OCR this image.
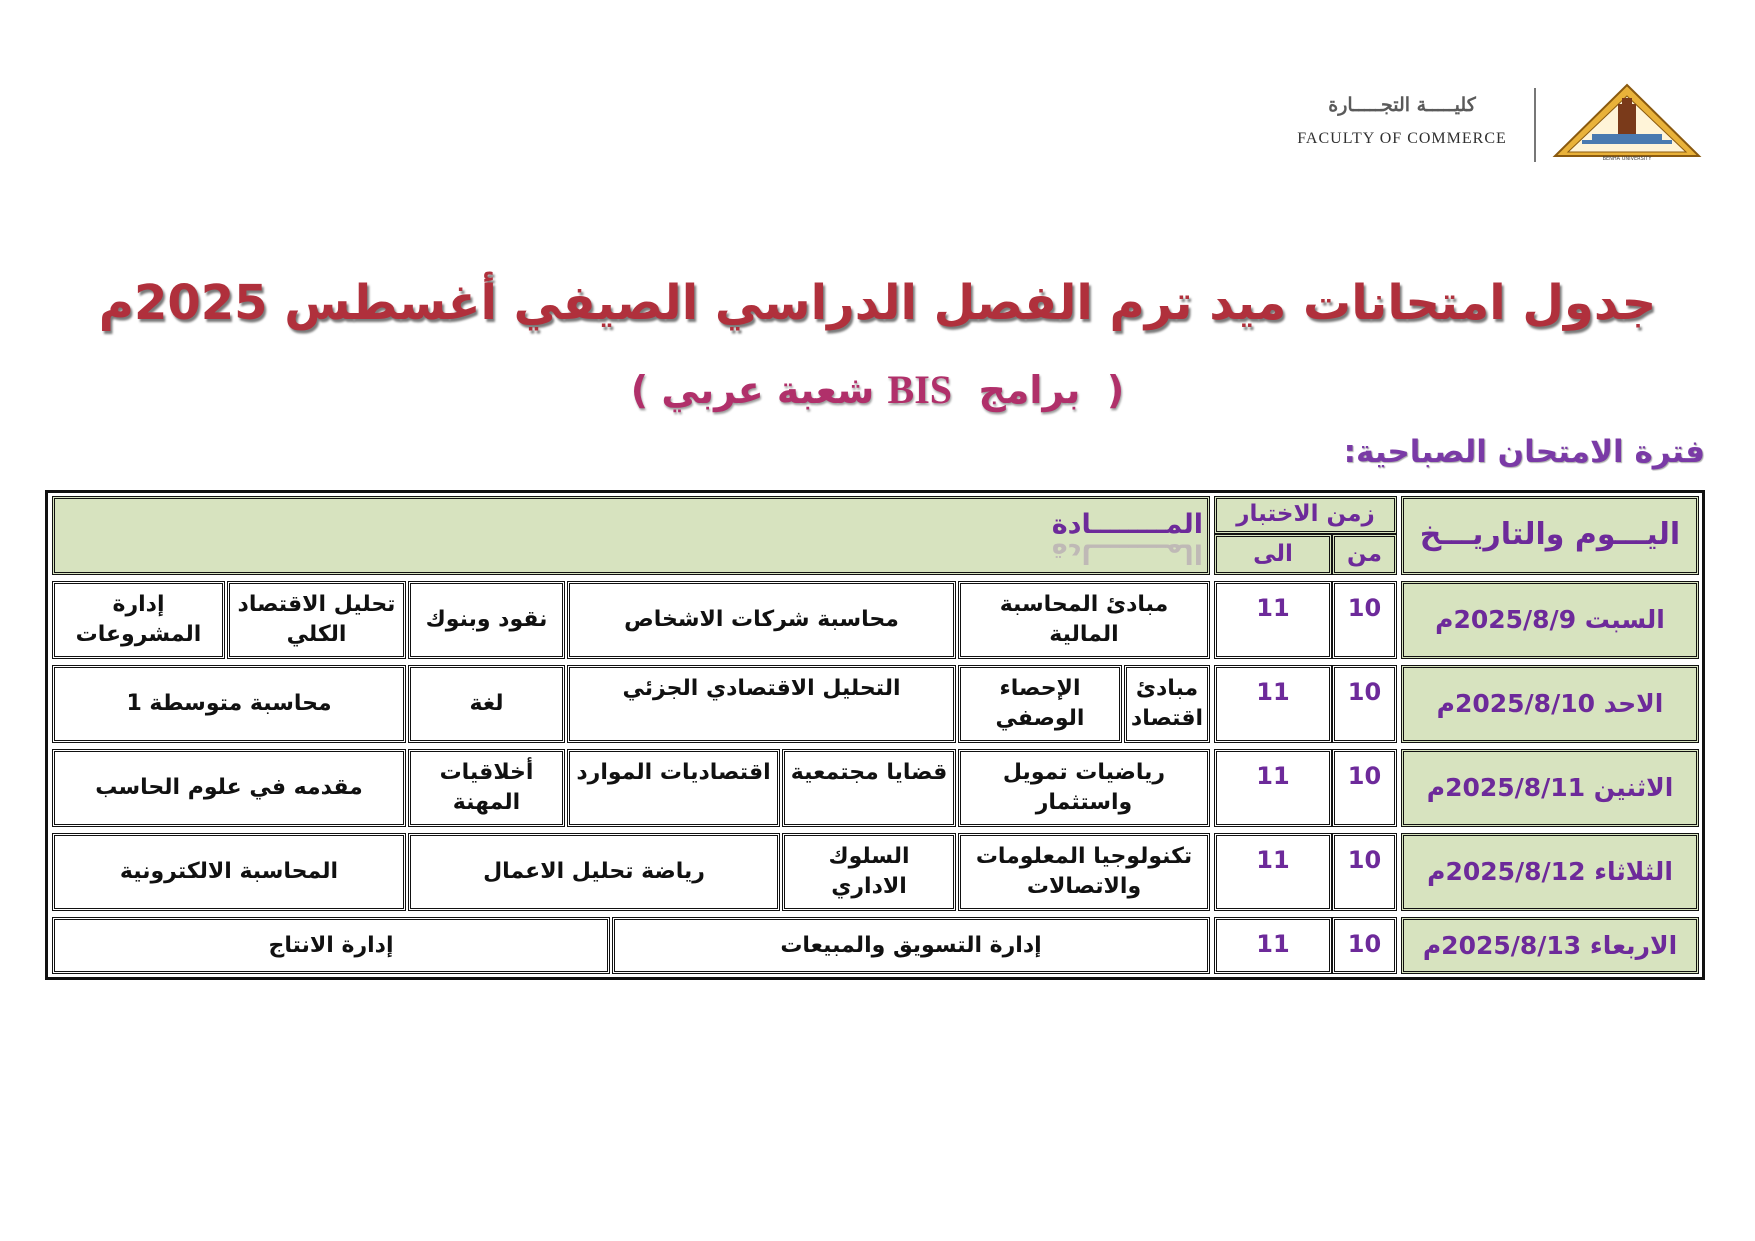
BENHA UNIVERSITY
كليـــــة التجـــــارة
FACULTY OF COMMERCE
جدول امتحانات ميد ترم الفصل الدراسي الصيفي أغسطس 2025م
(  برامج  BIS شعبة عربي )
فترة الامتحان الصباحية:
اليـــوم والتاريـــخ
زمن الاختبار
من
الى
المــــــــادة
المــــــــادة
السبت 2025/8/9م
10
11
مبادئ المحاسبة المالية
محاسبة شركات الاشخاص
نقود وبنوك
تحليل الاقتصاد الكلي
إدارة المشروعات
الاحد 2025/8/10م
10
11
مبادئ اقتصاد
الإحصاء الوصفي
التحليل الاقتصادي الجزئي
لغة
محاسبة متوسطة 1
الاثنين 2025/8/11م
10
11
رياضيات تمويل واستثمار
قضايا مجتمعية
اقتصاديات الموارد
أخلاقيات المهنة
مقدمه في علوم الحاسب
الثلاثاء 2025/8/12م
10
11
تكنولوجيا المعلومات والاتصالات
السلوك الاداري
رياضة تحليل الاعمال
المحاسبة الالكترونية
الاربعاء 2025/8/13م
10
11
إدارة التسويق والمبيعات
إدارة الانتاج
